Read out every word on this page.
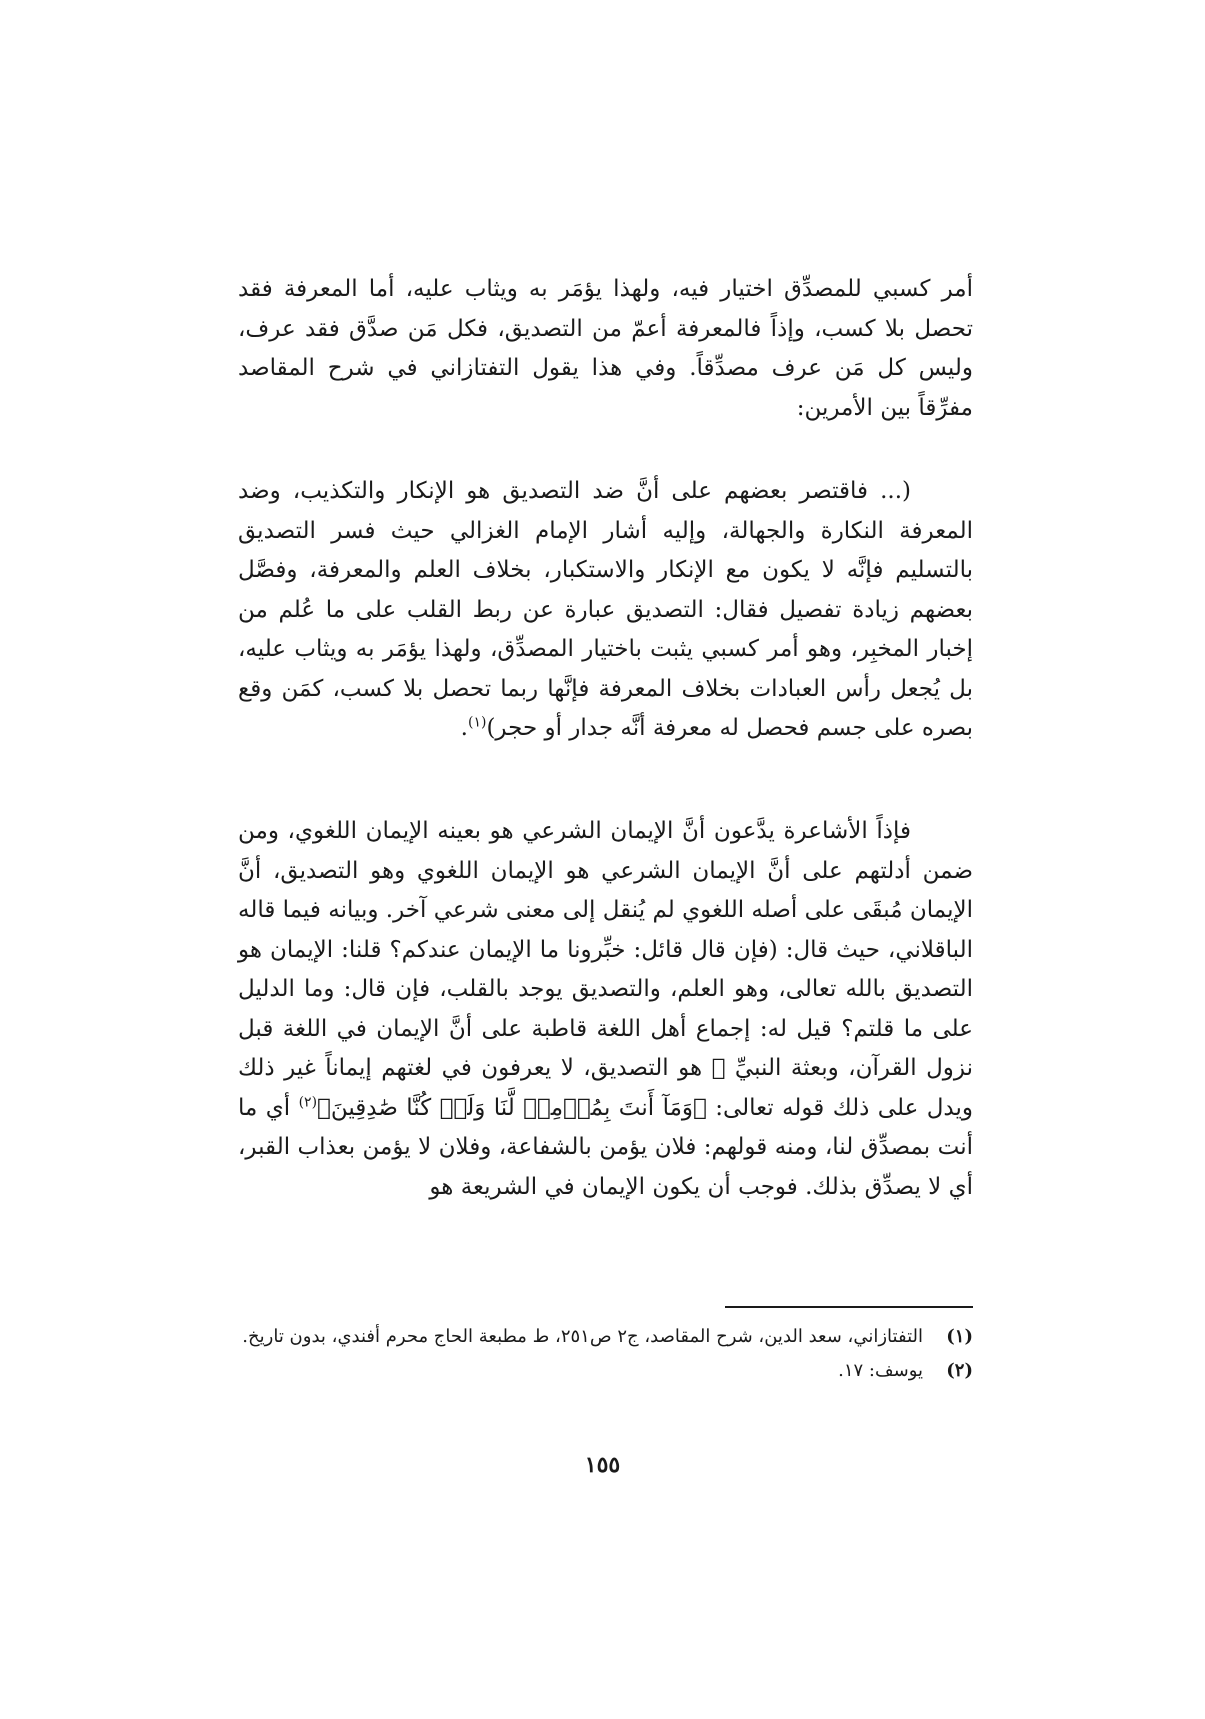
أمر كسبي للمصدِّق اختيار فيه، ولهذا يؤمَر به ويثاب عليه، أما المعرفة فقد تحصل بلا كسب، وإذاً فالمعرفة أعمّ من التصديق، فكل مَن صدَّق فقد عرف، وليس كل مَن عرف مصدِّقاً. وفي هذا يقول التفتازاني في شرح المقاصد مفرِّقاً بين الأمرين:

(... فاقتصر بعضهم على أنَّ ضد التصديق هو الإنكار والتكذيب، وضد المعرفة النكارة والجهالة، وإليه أشار الإمام الغزالي حيث فسر التصديق بالتسليم فإنَّه لا يكون مع الإنكار والاستكبار، بخلاف العلم والمعرفة، وفصَّل بعضهم زيادة تفصيل فقال: التصديق عبارة عن ربط القلب على ما عُلم من إخبار المخبِر، وهو أمر كسبي يثبت باختيار المصدِّق، ولهذا يؤمَر به ويثاب عليه، بل يُجعل رأس العبادات بخلاف المعرفة فإنَّها ربما تحصل بلا كسب، كمَن وقع بصره على جسم فحصل له معرفة أنَّه جدار أو حجر)$^{(١)}$.

فإذاً الأشاعرة يدَّعون أنَّ الإيمان الشرعي هو بعينه الإيمان اللغوي، ومن ضمن أدلتهم على أنَّ الإيمان الشرعي هو الإيمان اللغوي وهو التصديق، أنَّ الإيمان مُبقَى على أصله اللغوي لم يُنقل إلى معنى شرعي آخر. وبيانه فيما قاله الباقلاني، حيث قال: (فإن قال قائل: خبِّرونا ما الإيمان عندكم؟ قلنا: الإيمان هو التصديق بالله تعالى، وهو العلم، والتصديق يوجد بالقلب، فإن قال: وما الدليل على ما قلتم؟ قيل له: إجماع أهل اللغة قاطبة على أنَّ الإيمان في اللغة قبل نزول القرآن، وبعثة النبيِّ ﷺ هو التصديق، لا يعرفون في لغتهم إيماناً غير ذلك ويدل على ذلك قوله تعالى: ﴿وَمَآ أَنتَ بِمُؤۡمِنٖ لَّنَا وَلَوۡ كُنَّا صَٰدِقِينَ﴾$^{(٢)}$ أي ما أنت بمصدِّق لنا، ومنه قولهم: فلان يؤمن بالشفاعة، وفلان لا يؤمن بعذاب القبر، أي لا يصدِّق بذلك. فوجب أن يكون الإيمان في الشريعة هو

(١)
التفتازاني، سعد الدين، شرح المقاصد، ج٢ ص٢٥١، ط مطبعة الحاج محرم أفندي، بدون تاريخ.
(٢)
يوسف: ١٧.
١٥٥
